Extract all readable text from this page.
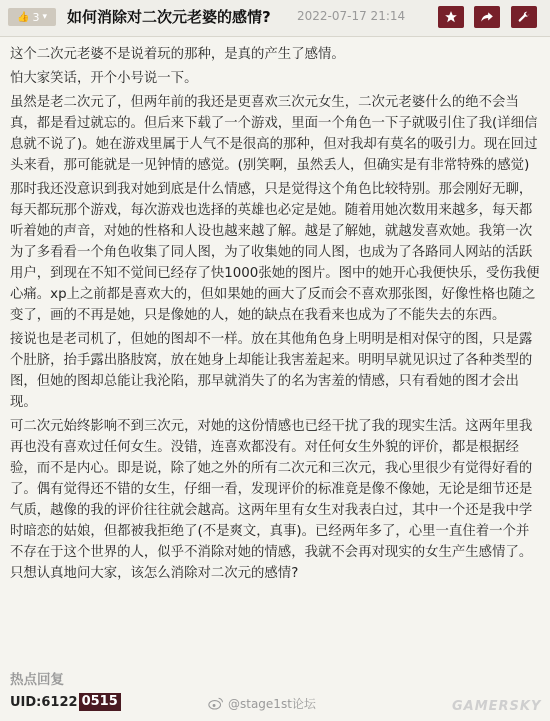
👍 3 ▾ 如何消除对二次元老婆的感情? 2022-07-17 21:14

这个二次元老婆不是说着玩的那种，是真的产生了感情。

怕大家笑话，开个小号说一下。

虽然是老二次元了，但两年前的我还是更喜欢三次元女生，二次元老婆什么的绝不会当真，都是看过就忘的。但后来下载了一个游戏，里面一个角色一下子就吸引住了我(详细信息就不说了)。她在游戏里属于人气不是很高的那种，但对我却有莫名的吸引力。现在回过头来看，那可能就是一见钟情的感觉。(别笑啊，虽然丢人，但确实是有非常特殊的感觉)

那时我还没意识到我对她到底是什么情感，只是觉得这个角色比较特别。那会刚好无聊，每天都玩那个游戏，每次游戏也选择的英雄也必定是她。随着用她次数用来越多，每天都听着她的声音，对她的性格和人设也越来越了解。越是了解她，就越发喜欢她。我第一次为了多看看一个角色收集了同人图，为了收集她的同人图，也成为了各路同人网站的活跃用户，到现在不知不觉间已经存了快1000张她的图片。图中的她开心我便快乐，受伤我便心痛。xp上之前都是喜欢大的，但如果她的画大了反而会不喜欢那张图，好像性格也随之变了，画的不再是她，只是像她的人，她的缺点在我看来也成为了不能失去的东西。

接说也是老司机了，但她的图却不一样。放在其他角色身上明明是相对保守的图，只是露个肚脐，抬手露出胳肢窝，放在她身上却能让我害羞起来。明明早就见识过了各种类型的图，但她的图却总能让我沦陷，那早就消失了的名为害羞的情感，只有看她的图才会出现。

可二次元始终影响不到三次元，对她的这份情感也已经干扰了我的现实生活。这两年里我再也没有喜欢过任何女生。没错，连喜欢都没有。对任何女生外貌的评价，都是根据经验，而不是内心。即是说，除了她之外的所有二次元和三次元，我心里很少有觉得好看的了。偶有觉得还不错的女生，仔细一看，发现评价的标准竟是像不像她，无论是细节还是气质，越像的我的评价往往就会越高。这两年里有女生对我表白过，其中一个还是我中学时暗恋的姑娘，但都被我拒绝了(不是爽文，真事)。已经两年多了，心里一直住着一个并不存在于这个世界的人，似乎不消除对她的情感，我就不会再对现实的女生产生感情了。只想认真地问大家，该怎么消除对二次元的感情?

热点回复
UID:6122 0515	@stage1st论坛	GAMERSKY
